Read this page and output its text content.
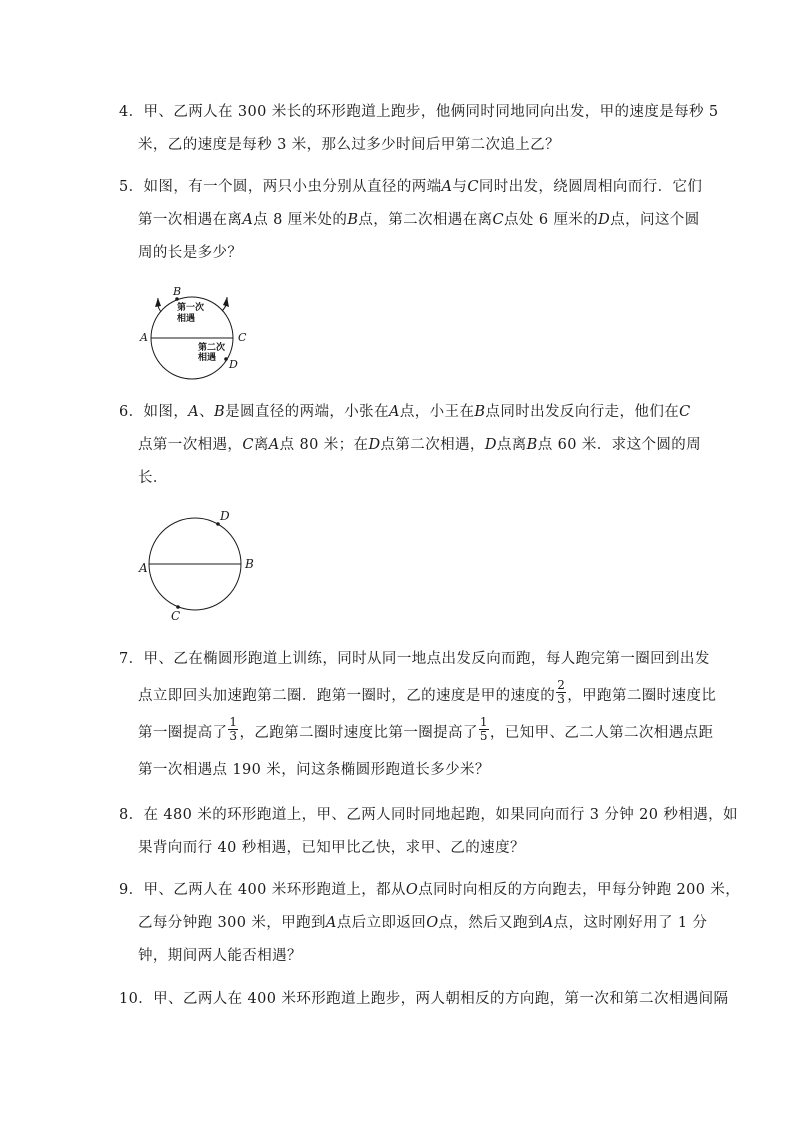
4．甲、乙两人在 300 米长的环形跑道上跑步，他俩同时同地同向出发，甲的速度是每秒 5
米，乙的速度是每秒 3 米，那么过多少时间后甲第二次追上乙？
5．如图，有一个圆，两只小虫分别从直径的两端A与C同时出发，绕圆周相向而行．它们
第一次相遇在离A点 8 厘米处的B点，第二次相遇在离C点处 6 厘米的D点，问这个圆
周的长是多少？
B
A	C
D
第一次
相遇
第二次
相遇
6．如图，A、B是圆直径的两端，小张在A点，小王在B点同时出发反向行走，他们在C
点第一次相遇，C离A点 80 米；在D点第二次相遇，D点离B点 60 米．求这个圆的周
长．
D
A	B
C
7．甲、乙在椭圆形跑道上训练，同时从同一地点出发反向而跑，每人跑完第一圈回到出发
点立即回头加速跑第二圈．跑第一圈时，乙的速度是甲的速度的 $\frac{2}{3}$ ，甲跑第二圈时速度比
第一圈提高了 $\frac{1}{3}$ ，乙跑第二圈时速度比第一圈提高了 $\frac{1}{5}$ ，已知甲、乙二人第二次相遇点距
第一次相遇点 190 米，问这条椭圆形跑道长多少米？
8．在 480 米的环形跑道上，甲、乙两人同时同地起跑，如果同向而行 3 分钟 20 秒相遇，如
果背向而行 40 秒相遇，已知甲比乙快，求甲、乙的速度？
9．甲、乙两人在 400 米环形跑道上，都从O点同时向相反的方向跑去，甲每分钟跑 200 米，
乙每分钟跑 300 米，甲跑到A点后立即返回O点，然后又跑到A点，这时刚好用了 1 分
钟，期间两人能否相遇？
10．甲、乙两人在 400 米环形跑道上跑步，两人朝相反的方向跑，第一次和第二次相遇间隔
